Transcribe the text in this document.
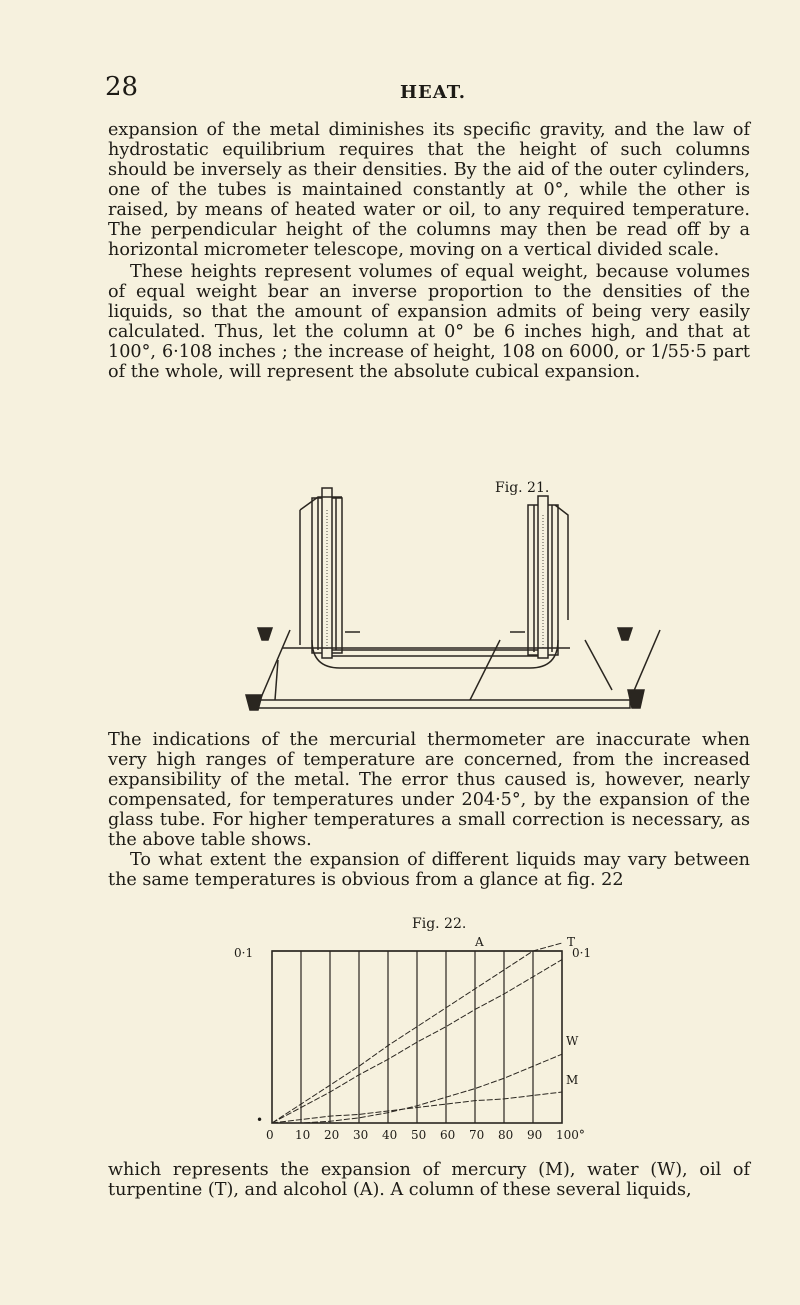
28	HEAT.

expansion of the metal diminishes its specific gravity, and the law of hydrostatic equilibrium requires that the height of such columns should be inversely as their densities. By the aid of the outer cylinders, one of the tubes is maintained constantly at 0°, while the other is raised, by means of heated water or oil, to any required temperature. The perpendicular height of the columns may then be read off by a horizontal micrometer telescope, moving on a vertical divided scale.

These heights represent volumes of equal weight, because volumes of equal weight bear an inverse proportion to the densities of the liquids, so that the amount of expansion admits of being very easily calculated. Thus, let the column at 0° be 6 inches high, and that at 100°, 6·108 inches ; the increase of height, 108 on 6000, or 1/55·5 part of the whole, will represent the absolute cubical expansion.

Fig. 21.

The indications of the mercurial thermometer are inaccurate when very high ranges of temperature are concerned, from the increased expansibility of the metal. The error thus caused is, however, nearly compensated, for temperatures under 204·5°, by the expansion of the glass tube. For higher temperatures a small correction is necessary, as the above table shows.

To what extent the expansion of different liquids may vary between the same temperatures is obvious from a glance at fig. 22

Fig. 22.
0·1	0·1
A	T
W
M
•
0 10 20 30 40 50 60 70 80 90 100°

which represents the expansion of mercury (M), water (W), oil of turpentine (T), and alcohol (A). A column of these several liquids,
